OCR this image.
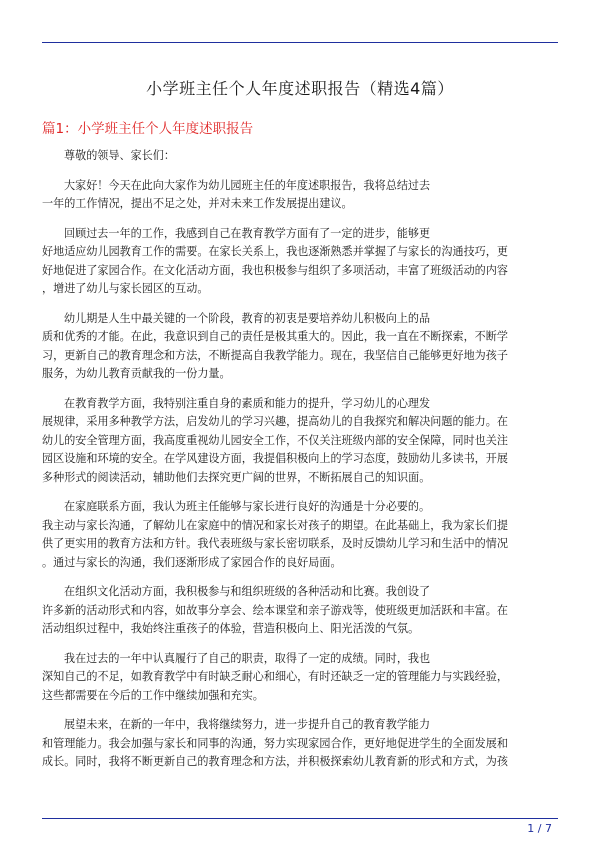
小学班主任个人年度述职报告（精选4篇）
篇1：小学班主任个人年度述职报告
尊敬的领导、家长们：
大家好！今天在此向大家作为幼儿园班主任的年度述职报告，我将总结过去
一年的工作情况，提出不足之处，并对未来工作发展提出建议。
回顾过去一年的工作，我感到自己在教育教学方面有了一定的进步，能够更
好地适应幼儿园教育工作的需要。在家长关系上，我也逐渐熟悉并掌握了与家长的沟通技巧，更
好地促进了家园合作。在文化活动方面，我也积极参与组织了多项活动，丰富了班级活动的内容
，增进了幼儿与家长园区的互动。
幼儿期是人生中最关键的一个阶段，教育的初衷是要培养幼儿积极向上的品
质和优秀的才能。在此，我意识到自己的责任是极其重大的。因此，我一直在不断探索，不断学
习，更新自己的教育理念和方法，不断提高自我教学能力。现在，我坚信自己能够更好地为孩子
服务，为幼儿教育贡献我的一份力量。
在教育教学方面，我特别注重自身的素质和能力的提升，学习幼儿的心理发
展规律，采用多种教学方法，启发幼儿的学习兴趣，提高幼儿的自我探究和解决问题的能力。在
幼儿的安全管理方面，我高度重视幼儿园安全工作，不仅关注班级内部的安全保障，同时也关注
园区设施和环境的安全。在学风建设方面，我提倡积极向上的学习态度，鼓励幼儿多读书，开展
多种形式的阅读活动，辅助他们去探究更广阔的世界，不断拓展自己的知识面。
在家庭联系方面，我认为班主任能够与家长进行良好的沟通是十分必要的。
我主动与家长沟通，了解幼儿在家庭中的情况和家长对孩子的期望。在此基础上，我为家长们提
供了更实用的教育方法和方针。我代表班级与家长密切联系，及时反馈幼儿学习和生活中的情况
。通过与家长的沟通，我们逐渐形成了家园合作的良好局面。
在组织文化活动方面，我积极参与和组织班级的各种活动和比赛。我创设了
许多新的活动形式和内容，如故事分享会、绘本课堂和亲子游戏等，使班级更加活跃和丰富。在
活动组织过程中，我始终注重孩子的体验，营造积极向上、阳光活泼的气氛。
我在过去的一年中认真履行了自己的职责，取得了一定的成绩。同时，我也
深知自己的不足，如教育教学中有时缺乏耐心和细心，有时还缺乏一定的管理能力与实践经验，
这些都需要在今后的工作中继续加强和充实。
展望未来，在新的一年中，我将继续努力，进一步提升自己的教育教学能力
和管理能力。我会加强与家长和同事的沟通，努力实现家园合作，更好地促进学生的全面发展和
成长。同时，我将不断更新自己的教育理念和方法，并积极探索幼儿教育新的形式和方式，为孩
1 / 7
